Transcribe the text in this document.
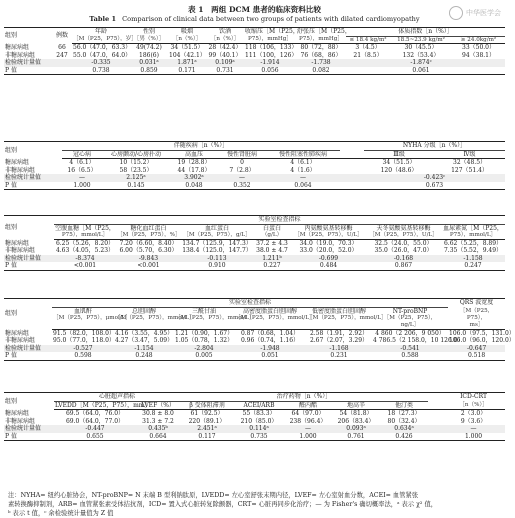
表 1　两组 DCM 患者的临床资料比较
Table 1 Comparison of clinical data between two groups of patients with dilated cardiomyopathy
中华医学会
组别	例数	年龄	性别	吸烟	饮酒	收缩压［M（P25，	舒张压［M（P25，	体质指数［n（%）］		
		［M（P25，P75），岁］	［男（%）］	［n（%）］	［n（%）］	P75），mmHg］	P75），mmHg］	≤ 18.4 kg/m²	18.5~23.9 kg/m²	≥ 24.0kg/m²
糖尿病组	66	56.0（47.0，63.3）	49(74.2)	34（51.5）	28（42.4）	118（106，133）	80（72，88）	3（4.5）	30（45.5）	33（50.0）
非糖尿病组	247	55.0（47.0，64.0）	186(6)	104（42.1）	99（40.1）	111（100，126）	76（68，86）	21（8.5）	132（53.4）	94（38.1）
检验统计量值		-0.335	0.031ᵃ	1.871ᵃ	0.109ᵃ	-1.914	-1.738		-1.874ᶜ	
P 值		0.738	0.859	0.171	0.731	0.056	0.082		0.061	
组别	伴随疾病［n（%）］						NYHA 分级［n（%）］	
	冠心病	心房颤动/心房扑动	高血压	慢性肾脏病	慢性阻塞性肺疾病		Ⅲ级	Ⅳ级
糖尿病组	4（6.1）	10（15.2）	19（28.8）	0	4（6.1）		34（51.5）	32（48.5）
非糖尿病组	16（6.5）	58（23.5）	44（17.8）	7（2.8）	4（1.6）		120（48.6）	127（51.4）
检验统计量值	—	2.125ᵃ	3.902ᵃ	—	—		-0.423ᶜ	
P 值	1.000	0.145	0.048	0.352	0.064		0.673	
组别	实验室检查指标						
	空腹血糖［M（P25，	糖化血红蛋白	血红蛋白	白蛋白	丙氨酸氨基转移酶	天冬氨酸氨基转移酶	血尿素氮［M（P25，
	P75），mmol/L］	［M（P25，P75），%］	［M（P25，P75），g/L］	（g/L）	［M（P25，P75），U/L］	［M（P25，P75），U/L］	P75），mmol/L］
糖尿病组	6.25（5.26，8.20）	7.20（6.60，8.40）	134.7（125.9，147.3）	37.2 ± 4.3	34.0（19.0，70.3）	32.5（24.0，55.0）	6.62（5.25，8.89）
非糖尿病组	4.63（4.05，5.23）	6.00（5.70，6.30）	138.4（125.0，147.7）	38.0 ± 4.7	33.0（20.0，52.0）	35.0（26.0，47.0）	7.35（5.52，9.49）
检验统计量值	-8.374	-9.843	-0.113	1.211ᵇ	-0.699	-0.168	-1.158
P 值	<0.001	<0.001	0.910	0.227	0.484	0.867	0.247
组别	实验室检查指标						QRS 波宽度
	血肌酐	总胆固醇	三酰甘油	高密度脂蛋白胆固醇	低密度脂蛋白胆固醇	NT-proBNP	［M（P25，
	［M（P25，P75），μmol/L］	［M（P25，P75），mmol/L］	［M（P25，P75），mmol/L］	［M（P25，P75），mmol/L］	［M（P25，P75），mmol/L］	［M（P25，P75），	P75），
						ng/L］	ms］
糖尿病组	91.5（82.0，108.0）	4.16（3.55，4.95）	1.21（0.90，1.67）	0.87（0.68，1.04）	2.58（1.91，2.92）	4 860（2 206，9 050）	106.0（97.5，131.0）
非糖尿病组	95.0（77.0，118.0）	4.27（3.47，5.09）	1.05（0.78，1.32）	0.96（0.74，1.16）	2.67（2.07，3.29）	4 786.5（2 158.0，10 126.0）	106.0（96.0，120.0）
检验统计量值	-0.527	-1.154	-2.804	-1.948	-1.168	-0.541	-0.647
P 值	0.598	0.248	0.005	0.051	0.231	0.588	0.518
组别	心脏超声指标		治疗药物［n（%）］						ICD-CRT
	LVEDD［M（P25，P75），mm］	LVEF（%）	β 受体阻滞剂	ACEI/ARB	醛内酯	地高辛	他汀类		［n（%）］
糖尿病组	69.5（64.0，76.0）	30.8 ± 8.0	61（92.5）	55（83.3）	64（97.0）	54（81.8）	18（27.3）		2（3.0）
非糖尿病组	69.0（64.0，77.0）	31.3 ± 7.2	220（89.1）	210（85.0）	238（96.4）	206（83.4）	80（32.4）		9（3.6）
检验统计量值	-0.447	0.435ᵇ	2.451ᵃ	0.114ᵃ	—	0.093ᵃ	0.634ᵃ		—
P 值	0.655	0.664	0.117	0.735	1.000	0.761	0.426		1.000
注：NYHA= 纽约心脏协会，NT-proBNP= N 末端 B 型利钠肽原，LVEDD= 左心室舒张末期内径，LVEF= 左心室射血分数，ACEI= 血管紧张
素转换酶抑制剂，ARB= 血管紧张素受体拮抗剂，ICD= 置入式心脏转复除颤器，CRT= 心脏再同步化治疗；— 为 Fisher's 确切概率法，ᵃ 表示 χ² 值，
ᵇ 表示 t 值，ᶜ 余检验统计量值为 Z 值
